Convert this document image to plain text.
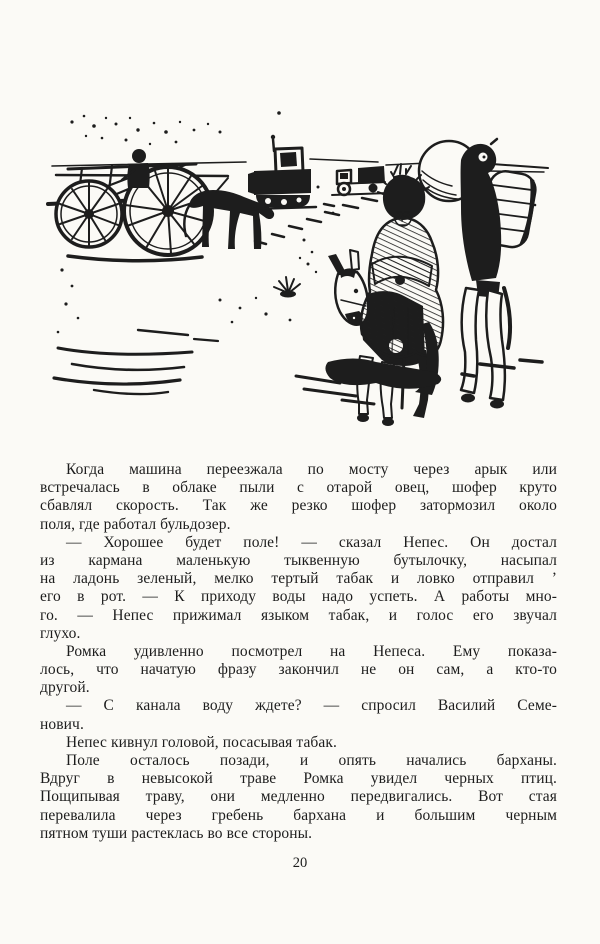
Когда машина переезжала по мосту через арык или
встречалась в облаке пыли с отарой овец, шофер круто
сбавлял скорость. Так же резко шофер затормозил около
поля, где работал бульдозер.
— Хорошее будет поле! — сказал Непес. Он достал
из кармана маленькую тыквенную бутылочку, насыпал
на ладонь зеленый, мелко тертый табак и ловко отправил ’
его в рот. — К приходу воды надо успеть. А работы мно-
го. — Непес прижимал языком табак, и голос его звучал
глухо.
Ромка удивленно посмотрел на Непеса. Ему показа-
лось, что начатую фразу закончил не он сам, а кто-то
другой.
— С канала воду ждете? — спросил Василий Семе-
нович.
Непес кивнул головой, посасывая табак.
Поле осталось позади, и опять начались барханы.
Вдруг в невысокой траве Ромка увидел черных птиц.
Пощипывая траву, они медленно передвигались. Вот стая
перевалила через гребень бархана и большим черным
пятном туши растеклась во все стороны.
20
